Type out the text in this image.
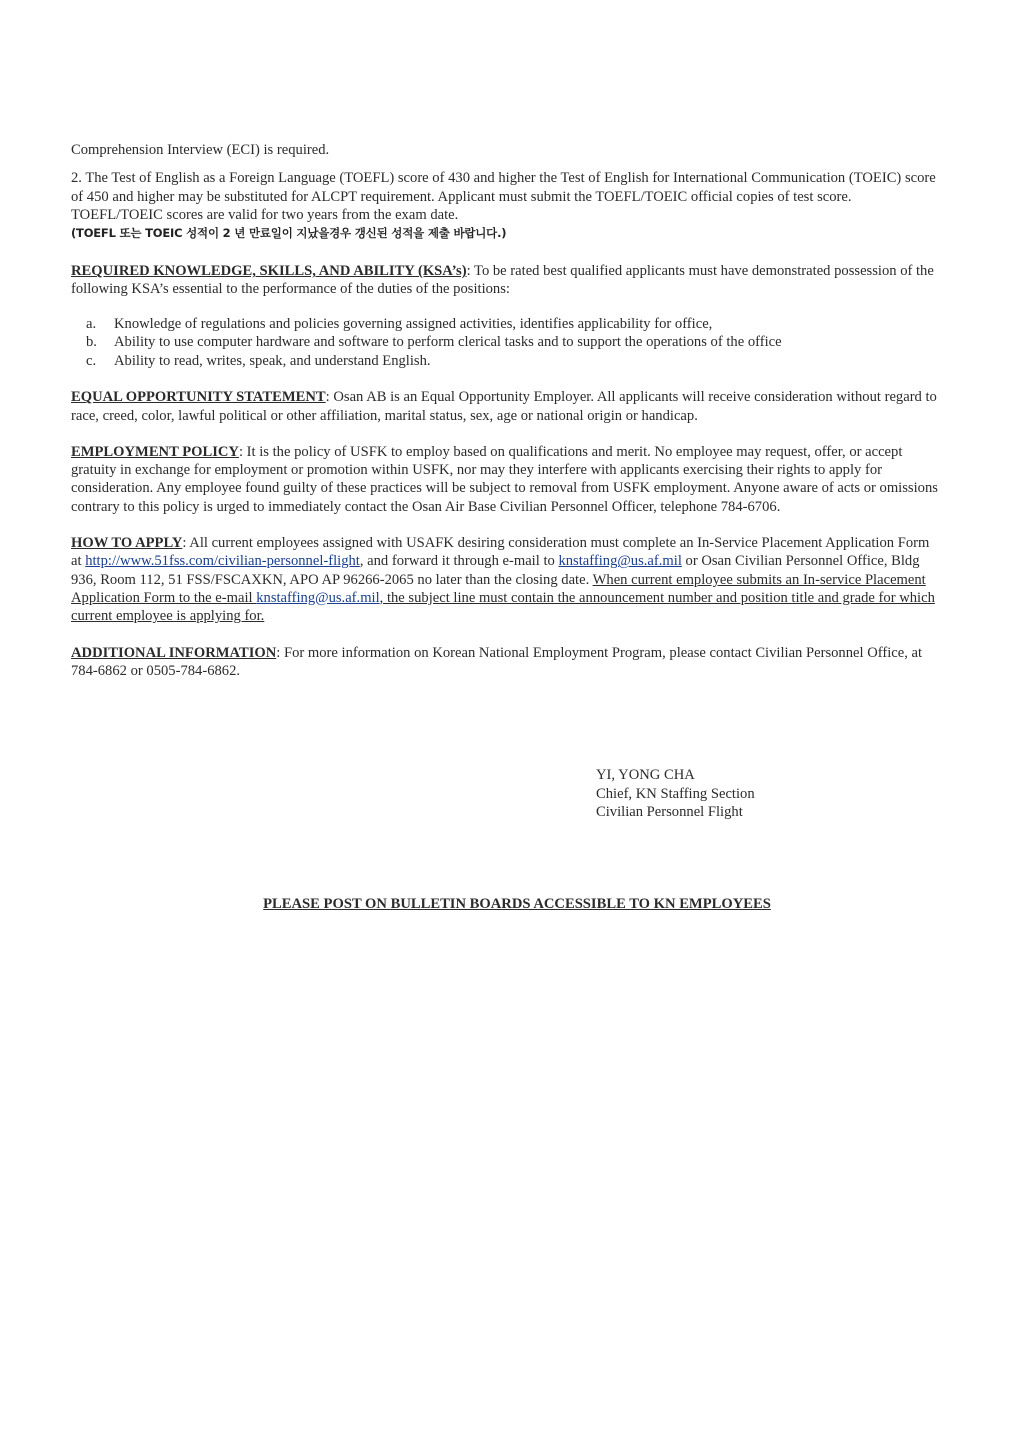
Comprehension Interview (ECI) is required.

2. The Test of English as a Foreign Language (TOEFL) score of 430 and higher the Test of English for International Communication (TOEIC) score of 450 and higher may be substituted for ALCPT requirement. Applicant must submit the TOEFL/TOEIC official copies of test score. TOEFL/TOEIC scores are valid for two years from the exam date.

(TOEFL 또는 TOEIC 성적이 2 년 만료일이 지났을경우 갱신된 성적을 제출 바랍니다.)

REQUIRED KNOWLEDGE, SKILLS, AND ABILITY (KSA’s): To be rated best qualified applicants must have demonstrated possession of the following KSA’s essential to the performance of the duties of the positions:

a.	Knowledge of regulations and policies governing assigned activities, identifies applicability for office,
b.	Ability to use computer hardware and software to perform clerical tasks and to support the operations of the office
c.	Ability to read, writes, speak, and understand English.

EQUAL OPPORTUNITY STATEMENT: Osan AB is an Equal Opportunity Employer. All applicants will receive consideration without regard to race, creed, color, lawful political or other affiliation, marital status, sex, age or national origin or handicap.

EMPLOYMENT POLICY: It is the policy of USFK to employ based on qualifications and merit. No employee may request, offer, or accept gratuity in exchange for employment or promotion within USFK, nor may they interfere with applicants exercising their rights to apply for consideration. Any employee found guilty of these practices will be subject to removal from USFK employment. Anyone aware of acts or omissions contrary to this policy is urged to immediately contact the Osan Air Base Civilian Personnel Officer, telephone 784-6706.

HOW TO APPLY: All current employees assigned with USAFK desiring consideration must complete an In-Service Placement Application Form at http://www.51fss.com/civilian-personnel-flight, and forward it through e-mail to knstaffing@us.af.mil or Osan Civilian Personnel Office, Bldg 936, Room 112, 51 FSS/FSCAXKN, APO AP 96266-2065 no later than the closing date. When current employee submits an In-service Placement Application Form to the e-mail knstaffing@us.af.mil, the subject line must contain the announcement number and position title and grade for which current employee is applying for.

ADDITIONAL INFORMATION: For more information on Korean National Employment Program, please contact Civilian Personnel Office, at 784-6862 or 0505-784-6862.

YI, YONG CHA

Chief, KN Staffing Section

Civilian Personnel Flight

PLEASE POST ON BULLETIN BOARDS ACCESSIBLE TO KN EMPLOYEES
